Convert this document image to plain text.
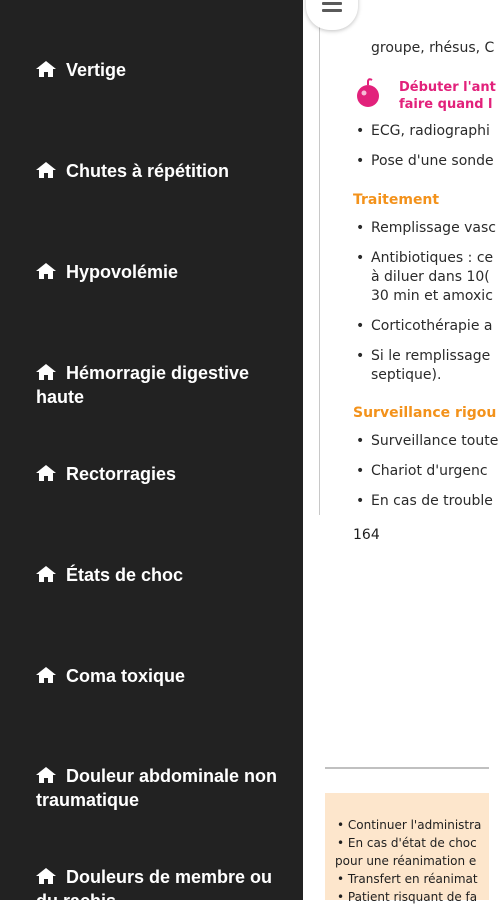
groupe, rhésus, C
Débuter l'ant
faire quand l
• ECG, radiographi
• Pose d'une sonde
Traitement
• Remplissage vasc
• Antibiotiques : ce
à diluer dans 10(
30 min et amoxic
• Corticothérapie a
• Si le remplissage
septique).
Surveillance rigou
• Surveillance toute
• Chariot d'urgenc
• En cas de trouble
164
• Continuer l'administra
• En cas d'état de choc
pour une réanimation e
• Transfert en réanimat
• Patient risquant de fa
Vertige
Chutes à répétition
Hypovolémie
Hémorragie digestive haute
Rectorragies
États de choc
Coma toxique
Douleur abdominale non traumatique
Douleurs de membre ou du rachis
